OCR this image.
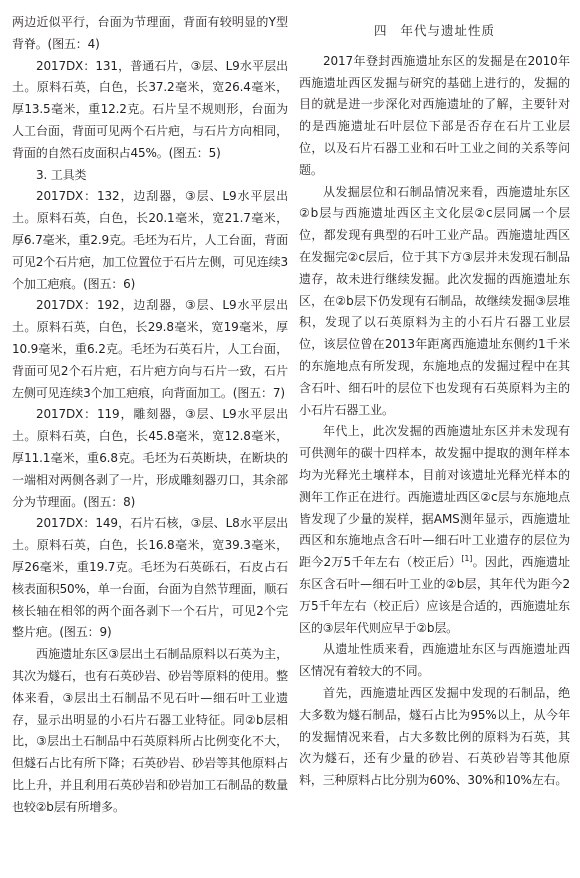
两边近似平行，台面为节理面，背面有较明显的Y型背脊。(图五：4)

2017DX：131，普通石片，③层、L9水平层出土。原料石英，白色，长37.2毫米，宽26.4毫米，厚13.5毫米，重12.2克。石片呈不规则形，台面为人工台面，背面可见两个石片疤，与石片方向相同，背面的自然石皮面积占45%。(图五：5)

3. 工具类

2017DX：132，边刮器，③层、L9水平层出土。原料石英，白色，长20.1毫米，宽21.7毫米，厚6.7毫米，重2.9克。毛坯为石片，人工台面，背面可见2个石片疤，加工位置位于石片左侧，可见连续3个加工疤痕。(图五：6)

2017DX：192，边刮器，③层、L9水平层出土。原料石英，白色，长29.8毫米，宽19毫米，厚10.9毫米，重6.2克。毛坯为石英石片，人工台面，背面可见2个石片疤，石片疤方向与石片一致，石片左侧可见连续3个加工疤痕，向背面加工。(图五：7)

2017DX：119，雕刻器，③层、L9水平层出土。原料石英，白色，长45.8毫米，宽12.8毫米，厚11.1毫米，重6.8克。毛坯为石英断块，在断块的一端相对两侧各剥了一片，形成雕刻器刃口，其余部分为节理面。(图五：8)

2017DX：149，石片石核，③层、L8水平层出土。原料石英，白色，长16.8毫米，宽39.3毫米，厚26毫米，重19.7克。毛坯为石英砾石，石皮占石核表面积50%，单一台面，台面为自然节理面，顺石核长轴在相邻的两个面各剥下一个石片，可见2个完整片疤。(图五：9)

西施遗址东区③层出土石制品原料以石英为主，其次为燧石，也有石英砂岩、砂岩等原料的使用。整体来看，③层出土石制品不见石叶—细石叶工业遗存，显示出明显的小石片石器工业特征。同②b层相比，③层出土石制品中石英原料所占比例变化不大，但燧石占比有所下降；石英砂岩、砂岩等其他原料占比上升，并且利用石英砂岩和砂岩加工石制品的数量也较②b层有所增多。

四 年代与遗址性质

2017年登封西施遗址东区的发掘是在2010年西施遗址西区发掘与研究的基础上进行的，发掘的目的就是进一步深化对西施遗址的了解，主要针对的是西施遗址石叶层位下部是否存在石片工业层位，以及石片石器工业和石叶工业之间的关系等问题。

从发掘层位和石制品情况来看，西施遗址东区②b层与西施遗址西区主文化层②c层同属一个层位，都发现有典型的石叶工业产品。西施遗址西区在发掘完②c层后，位于其下方③层并未发现石制品遗存，故未进行继续发掘。此次发掘的西施遗址东区，在②b层下仍发现有石制品，故继续发掘③层堆积，发现了以石英原料为主的小石片石器工业层位，该层位曾在2013年距离西施遗址东侧约1千米的东施地点有所发现，东施地点的发掘过程中在其含石叶、细石叶的层位下也发现有石英原料为主的小石片石器工业。

年代上，此次发掘的西施遗址东区并未发现有可供测年的碳十四样本，故发掘中提取的测年样本均为光释光土壤样本，目前对该遗址光释光样本的测年工作正在进行。西施遗址西区②c层与东施地点皆发现了少量的炭样，据AMS测年显示，西施遗址西区和东施地点含石叶—细石叶工业遗存的层位为距今2万5千年左右（校正后）[1]。因此，西施遗址东区含石叶—细石叶工业的②b层，其年代为距今2万5千年左右（校正后）应该是合适的，西施遗址东区的③层年代则应早于②b层。

从遗址性质来看，西施遗址东区与西施遗址西区情况有着较大的不同。

首先，西施遗址西区发掘中发现的石制品，绝大多数为燧石制品，燧石占比为95%以上，从今年的发掘情况来看，占大多数比例的原料为石英，其次为燧石，还有少量的砂岩、石英砂岩等其他原料，三种原料占比分别为60%、30%和10%左右。
